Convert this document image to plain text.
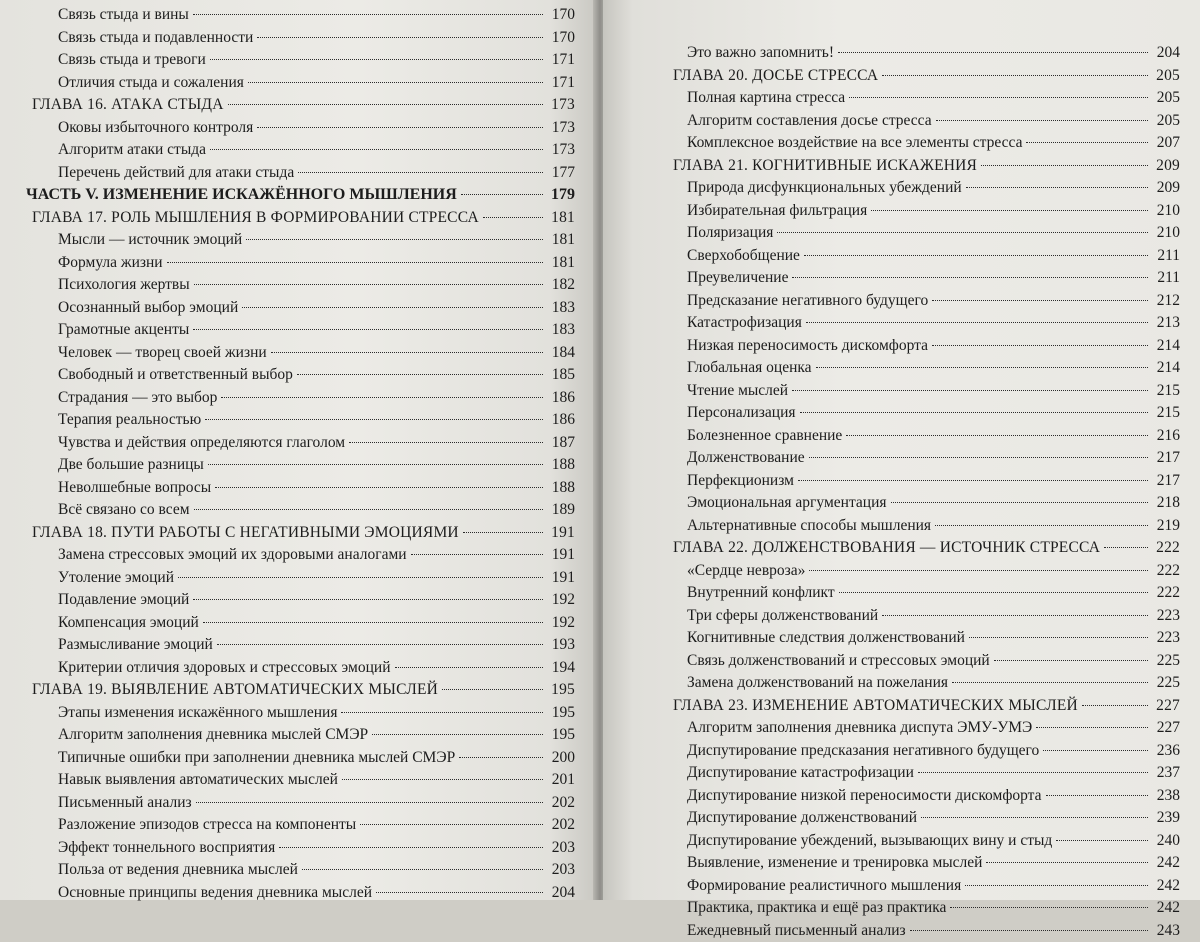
Связь стыда и вины	170
Связь стыда и подавленности	170
Связь стыда и тревоги	171
Отличия стыда и сожаления	171
ГЛАВА 16. АТАКА СТЫДА	173
Оковы избыточного контроля	173
Алгоритм атаки стыда	173
Перечень действий для атаки стыда	177
ЧАСТЬ V. ИЗМЕНЕНИЕ ИСКАЖЁННОГО МЫШЛЕНИЯ	179
ГЛАВА 17. РОЛЬ МЫШЛЕНИЯ В ФОРМИРОВАНИИ СТРЕССА	181
Мысли — источник эмоций	181
Формула жизни	181
Психология жертвы	182
Осознанный выбор эмоций	183
Грамотные акценты	183
Человек — творец своей жизни	184
Свободный и ответственный выбор	185
Страдания — это выбор	186
Терапия реальностью	186
Чувства и действия определяются глаголом	187
Две большие разницы	188
Неволшебные вопросы	188
Всё связано со всем	189
ГЛАВА 18. ПУТИ РАБОТЫ С НЕГАТИВНЫМИ ЭМОЦИЯМИ	191
Замена стрессовых эмоций их здоровыми аналогами	191
Утоление эмоций	191
Подавление эмоций	192
Компенсация эмоций	192
Размысливание эмоций	193
Критерии отличия здоровых и стрессовых эмоций	194
ГЛАВА 19. ВЫЯВЛЕНИЕ АВТОМАТИЧЕСКИХ МЫСЛЕЙ	195
Этапы изменения искажённого мышления	195
Алгоритм заполнения дневника мыслей СМЭР	195
Типичные ошибки при заполнении дневника мыслей СМЭР	200
Навык выявления автоматических мыслей	201
Письменный анализ	202
Разложение эпизодов стресса на компоненты	202
Эффект тоннельного восприятия	203
Польза от ведения дневника мыслей	203
Основные принципы ведения дневника мыслей	204
Это важно запомнить!	204
ГЛАВА 20. ДОСЬЕ СТРЕССА	205
Полная картина стресса	205
Алгоритм составления досье стресса	205
Комплексное воздействие на все элементы стресса	207
ГЛАВА 21. КОГНИТИВНЫЕ ИСКАЖЕНИЯ	209
Природа дисфункциональных убеждений	209
Избирательная фильтрация	210
Поляризация	210
Сверхобобщение	211
Преувеличение	211
Предсказание негативного будущего	212
Катастрофизация	213
Низкая переносимость дискомфорта	214
Глобальная оценка	214
Чтение мыслей	215
Персонализация	215
Болезненное сравнение	216
Долженствование	217
Перфекционизм	217
Эмоциональная аргументация	218
Альтернативные способы мышления	219
ГЛАВА 22. ДОЛЖЕНСТВОВАНИЯ — ИСТОЧНИК СТРЕССА	222
«Сердце невроза»	222
Внутренний конфликт	222
Три сферы долженствований	223
Когнитивные следствия долженствований	223
Связь долженствований и стрессовых эмоций	225
Замена долженствований на пожелания	225
ГЛАВА 23. ИЗМЕНЕНИЕ АВТОМАТИЧЕСКИХ МЫСЛЕЙ	227
Алгоритм заполнения дневника диспута ЭМУ-УМЭ	227
Диспутирование предсказания негативного будущего	236
Диспутирование катастрофизации	237
Диспутирование низкой переносимости дискомфорта	238
Диспутирование долженствований	239
Диспутирование убеждений, вызывающих вину и стыд	240
Выявление, изменение и тренировка мыслей	242
Формирование реалистичного мышления	242
Практика, практика и ещё раз практика	242
Ежедневный письменный анализ	243
